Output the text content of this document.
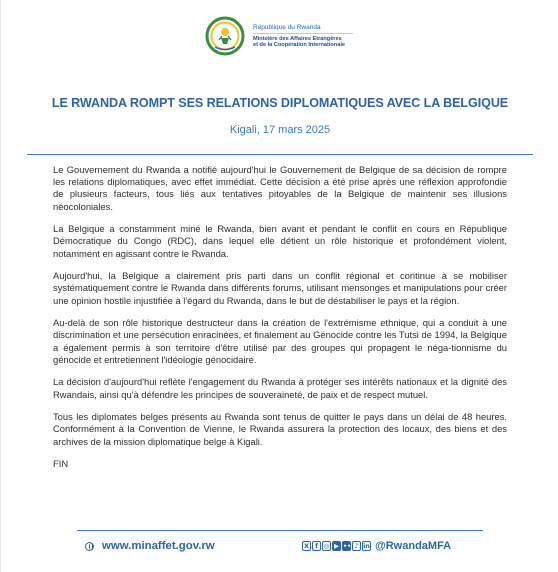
République du Rwanda
Ministère des Affaires Etrangères
et de la Coopération Internationale
LE RWANDA ROMPT SES RELATIONS DIPLOMATIQUES AVEC LA BELGIQUE
Kigali, 17 mars 2025

Le Gouvernement du Rwanda a notifié aujourd'hui le Gouvernement de Belgique de sa décision de rompre les relations diplomatiques, avec effet immédiat. Cette décision a été prise après une réflexion approfondie de plusieurs facteurs, tous liés aux tentatives pitoyables de la Belgique de maintenir ses illusions néocoloniales.

La Belgique a constamment miné le Rwanda, bien avant et pendant le conflit en cours en République Démocratique du Congo (RDC), dans lequel elle détient un rôle historique et profondément violent, notamment en agissant contre le Rwanda.

Aujourd'hui, la Belgique a clairement pris parti dans un conflit régional et continue à se mobiliser systématiquement contre le Rwanda dans différents forums, utilisant mensonges et manipulations pour créer une opinion hostile injustifiée à l'égard du Rwanda, dans le but de déstabiliser le pays et la région.

Au-delà de son rôle historique destructeur dans la création de l'extrémisme ethnique, qui a conduit à une discrimination et une persécution enracinées, et finalement au Génocide contre les Tutsi de 1994, la Belgique a également permis à son territoire d'être utilisé par des groupes qui propagent le néga-tionnisme du génocide et entretiennent l'idéologie génocidaire.

La décision d'aujourd'hui reflète l'engagement du Rwanda à protéger ses intérêts nationaux et la dignité des Rwandais, ainsi qu'à défendre les principes de souveraineté, de paix et de respect mutuel.

Tous les diplomates belges présents au Rwanda sont tenus de quitter le pays dans un délai de 48 heures. Conformément à la Convention de Vienne, le Rwanda assurera la protection des locaux, des biens et des archives de la mission diplomatique belge à Kigali.

FIN

www.minaffet.gov.rw	X f ◎ ▶ •• ♪ in @RwandaMFA
